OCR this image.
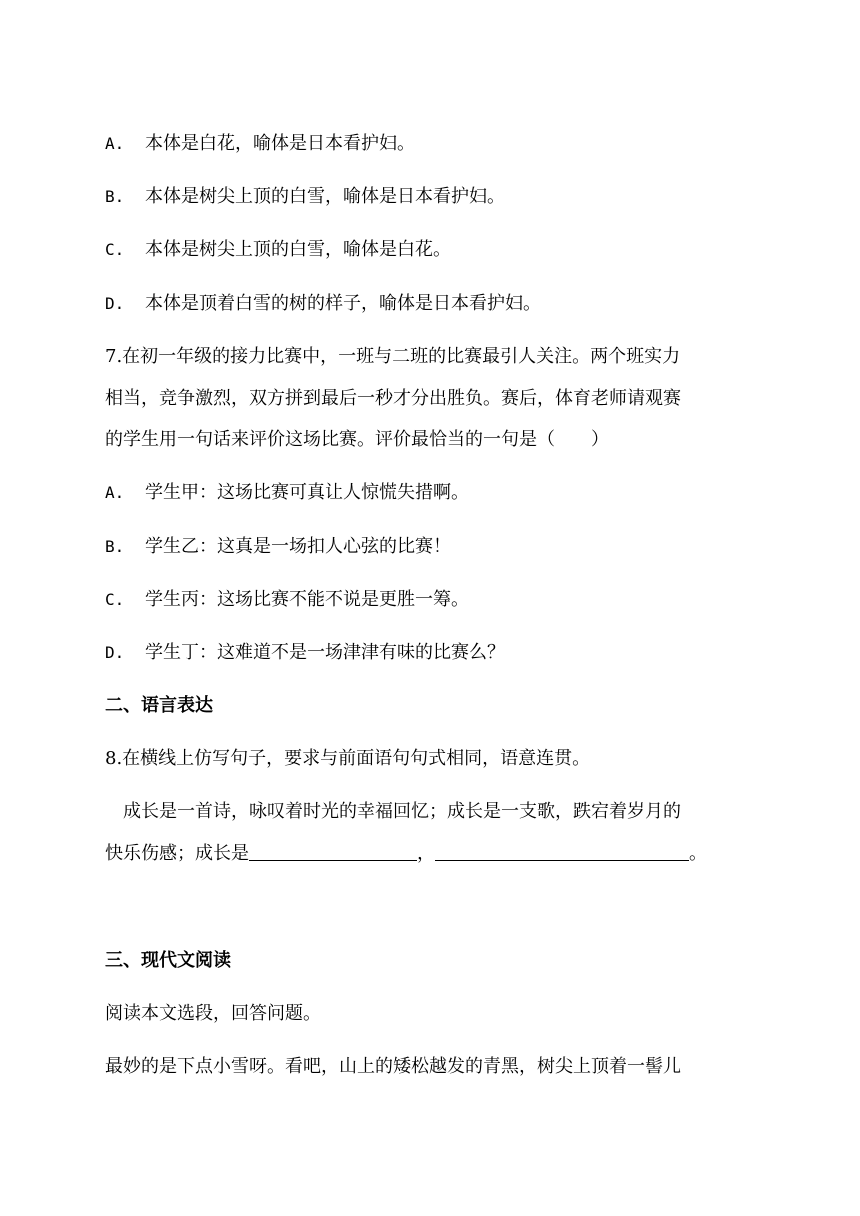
A. 本体是白花，喻体是日本看护妇。
B. 本体是树尖上顶的白雪，喻体是日本看护妇。
C. 本体是树尖上顶的白雪，喻体是白花。
D. 本体是顶着白雪的树的样子，喻体是日本看护妇。
7.在初一年级的接力比赛中，一班与二班的比赛最引人关注。两个班实力
相当，竞争激烈，双方拼到最后一秒才分出胜负。赛后，体育老师请观赛
的学生用一句话来评价这场比赛。评价最恰当的一句是（　　）
A. 学生甲：这场比赛可真让人惊慌失措啊。
B. 学生乙：这真是一场扣人心弦的比赛！
C. 学生丙：这场比赛不能不说是更胜一筹。
D. 学生丁：这难道不是一场津津有味的比赛么？
二、语言表达
8.在横线上仿写句子，要求与前面语句句式相同，语意连贯。
　成长是一首诗，咏叹着时光的幸福回忆；成长是一支歌，跌宕着岁月的
快乐伤感；成长是	，	。
三、现代文阅读
阅读本文选段，回答问题。
最妙的是下点小雪呀。看吧，山上的矮松越发的青黑，树尖上顶着一髻儿
